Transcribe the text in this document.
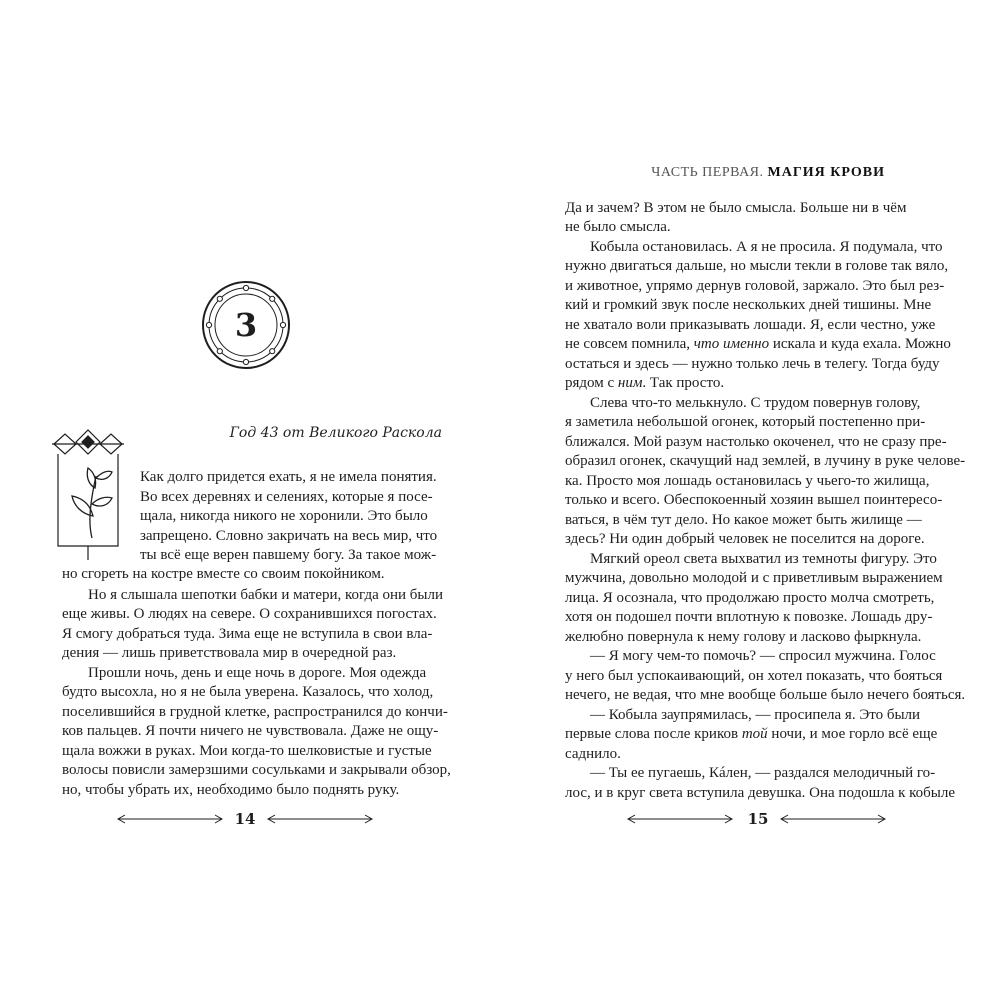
3
Год 43 от Великого Раскола
Как долго придется ехать, я не имела понятия.
Во всех деревнях и селениях, которые я посе-
щала, никогда никого не хоронили. Это было
запрещено. Словно закричать на весь мир, что
ты всё еще верен павшему богу. За такое мож-
но сгореть на костре вместе со своим покойником.
Но я слышала шепотки бабки и матери, когда они были
еще живы. О людях на севере. О сохранившихся погостах.
Я смогу добраться туда. Зима еще не вступила в свои вла-
дения — лишь приветствовала мир в очередной раз.
Прошли ночь, день и еще ночь в дороге. Моя одежда
будто высохла, но я не была уверена. Казалось, что холод,
поселившийся в грудной клетке, распространился до кончи-
ков пальцев. Я почти ничего не чувствовала. Даже не ощу-
щала вожжи в руках. Мои когда-то шелковистые и густые
волосы повисли замерзшими сосульками и закрывали обзор,
но, чтобы убрать их, необходимо было поднять руку.
14
ЧАСТЬ ПЕРВАЯ. МАГИЯ КРОВИ
Да и зачем? В этом не было смысла. Больше ни в чём
не было смысла.
Кобыла остановилась. А я не просила. Я подумала, что
нужно двигаться дальше, но мысли текли в голове так вяло,
и животное, упрямо дернув головой, заржало. Это был рез-
кий и громкий звук после нескольких дней тишины. Мне
не хватало воли приказывать лошади. Я, если честно, уже
не совсем помнила, что именно искала и куда ехала. Можно
остаться и здесь — нужно только лечь в телегу. Тогда буду
рядом с ним. Так просто.
Слева что-то мелькнуло. С трудом повернув голову,
я заметила небольшой огонек, который постепенно при-
ближался. Мой разум настолько окоченел, что не сразу пре-
образил огонек, скачущий над землей, в лучину в руке челове-
ка. Просто моя лошадь остановилась у чьего-то жилища,
только и всего. Обеспокоенный хозяин вышел поинтересо-
ваться, в чём тут дело. Но какое может быть жилище —
здесь? Ни один добрый человек не поселится на дороге.
Мягкий ореол света выхватил из темноты фигуру. Это
мужчина, довольно молодой и с приветливым выражением
лица. Я осознала, что продолжаю просто молча смотреть,
хотя он подошел почти вплотную к повозке. Лошадь дру-
желюбно повернула к нему голову и ласково фыркнула.
— Я могу чем-то помочь? — спросил мужчина. Голос
у него был успокаивающий, он хотел показать, что бояться
нечего, не ведая, что мне вообще больше было нечего бояться.
— Кобыла заупрямилась, — просипела я. Это были
первые слова после криков той ночи, и мое горло всё еще
саднило.
— Ты ее пугаешь, Кáлен, — раздался мелодичный го-
лос, и в круг света вступила девушка. Она подошла к кобыле
15
